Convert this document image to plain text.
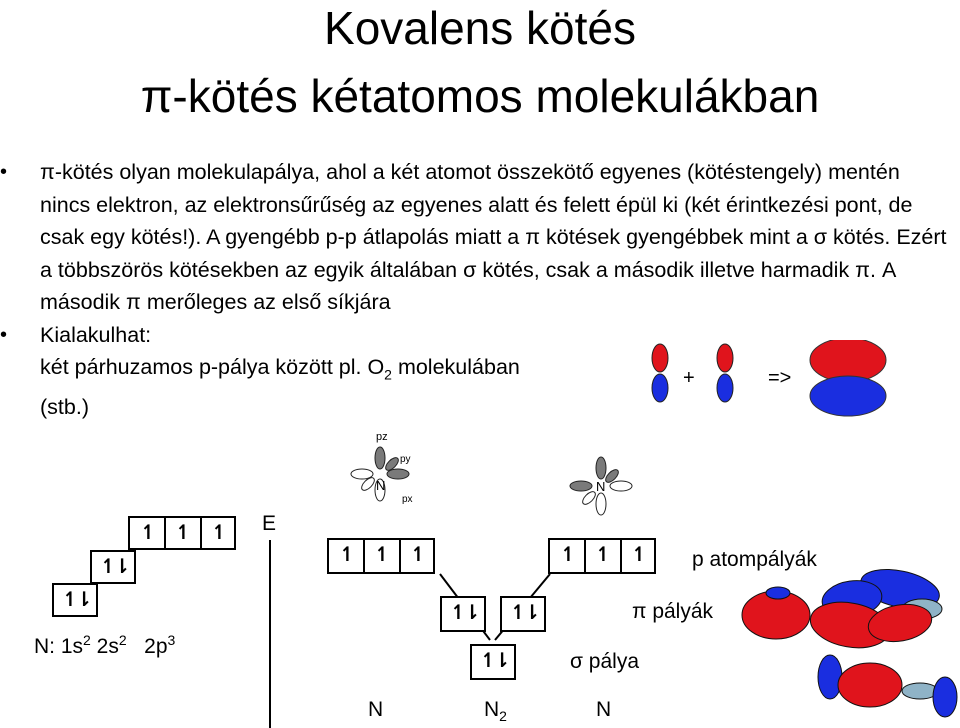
Kovalens kötés
π-kötés kétatomos molekulákban

• π-kötés olyan molekulapálya, ahol a két atomot összekötő egyenes (kötéstengely) mentén nincs elektron, az elektronsűrűség az egyenes alatt és felett épül ki (két érintkezési pont, de csak egy kötés!). A gyengébb p-p átlapolás miatt a π kötések gyengébbek mint a σ kötés. Ezért a többszörös kötésekben az egyik általában σ kötés, csak a második illetve harmadik π. A második π merőleges az első síkjára

• Kialakulhat:

két párhuzamos p-pálya között pl. $O_2$ molekulában

(stb.)

+	=>
pz
py
px
N	N
↿⇂
↿⇂
↿ ↿ ↿
N: $1s^2$ $2s^2$ $2p^3$
E
↿ ↿ ↿	↿ ↿ ↿
↿⇂ ↿⇂
↿⇂
p atompályák
π pályák
σ pálya
N	$N_2$	N
